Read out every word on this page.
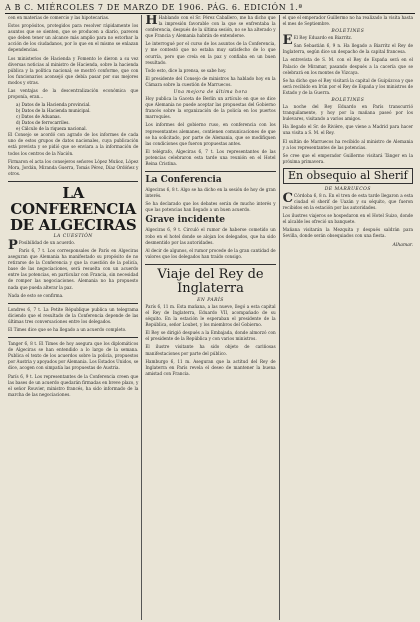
A B C. MIÉRCOLES 7 DE MARZO DE 1906. PÁG. 6. EDICIÓN 1.ª

cen en materias de comercio y las hipotecarias.

Estos propósitos, protegidos para resolver rápidamente los asuntos que se sienten, que se producen a diario, parecen que deben tener un alcance más amplio para no estorbar la acción de los ciudadanos, por lo que en el mismo se enlazan dependencias.

Los ministerios de Hacienda y Fomento le dieron a su vez diversas noticias al ministro de Hacienda, sobre la hacienda pública y la política nacional; se mostró conforme, que con los funcionarios aconsejó que debía pasar por sus mejores modos y otras.

Las ventajas de la descentralización económica que proponía, eran...

a) Datos de la Hacienda provincial.
b) Datos de la Hacienda municipal.
c) Datos de Aduanas.
d) Datos de ferrocarriles.
e) Cálculo de la riqueza nacional.

El Consejo se acordó con agrado de los informes de cada uno de estos grupos de datos nacionales, cuya publicación está prevista y se pidió que se enviara a la información de todos los centros de la Nación.

Firmaron el acta los consejeros señores López Muñoz, López Mora, Jordán, Miranda Guerra, Tomás Pérez, Díaz Ordóñez y otros.

LA CONFERENCIA DE ALGECIRAS
LA CUESTIÓN

P Posibilidad de un acuerdo.

París 6, 7 t. Los corresponsales de París en Algeciras aseguran que Alemania ha manifestado su propósito de no retirarse de la Conferencia y que la cuestión de la policía, base de las negociaciones, será resuelta con un acuerdo entre las potencias, en particular con Francia, sin necesidad de romper las negociaciones. Alemania no ha propuesto nada que pueda alterar la paz.

Nada de esto se confirma.

Londres 6, 7 t. La Petite République publica un telegrama diciendo que el resultado de la Conferencia depende de las últimas tres conversaciones entre los delegados.

El Times dice que se ha llegado a un acuerdo completo.

Tanger 6, 8 t. El Times de hoy asegura que los diplomáticos de Algeciras se han entendido a lo largo de la semana. Publica el texto de los acuerdos sobre la policía, propuestos por Austria y apoyados por Alemania. Los Estados Unidos, se dice, acogen con simpatía las propuestas de Austria.

París 6, 9 t. Los representantes de la Conferencia creen que las bases de un acuerdo quedarán firmadas en breve plazo, y el señor Rouvier, ministro francés, ha sido informado de la marcha de las negociaciones.

H Hablando con el Sr. Pérez Caballero, me ha dicho que la impresión favorable con la que se enfrentaba la conferencia, después de la última sesión, no se ha alterado y que Francia y Alemania habrán de entenderse.

Le interrogué por el curso de los asuntos de la Conferencia, y me contestó que no estaba muy satisfecho de lo que ocurría, pero que creía en la paz y confiaba en un buen resultado.

Todo esto, dice la prensa, se sabe hoy.

El presidente del Consejo de ministros ha hablado hoy en la Cámara sobre la cuestión de Marruecos.

Una mejora de última hora

Hoy publica la Gaceta de Berlín un artículo en que se dice que Alemania no puede aceptar las propuestas del Gobierno francés sobre la organización de la policía en los puertos marroquíes.

Los informes del gobierno ruso, en conferencia con los representantes alemanes, contienen comunicaciones de que se ha solicitado, por parte de Alemania, que se modifiquen las condiciones que fueron propuestas antes.

El telégrafo, Algeciras 6, 7 t. Los representantes de las potencias celebraron esta tarde una reunión en el Hotel Reina Cristina.

La Conferencia

Algeciras 6, 8 t. Algo se ha dicho en la sesión de hoy de gran interés.

Se ha declarado que los debates serán de mucho interés y que las potencias han llegado a un buen acuerdo.

Grave incidente

Algeciras 6, 9 t. Circuló el rumor de haberse cometido un robo en el hotel donde se alojan los delegados, que ha sido desmentido por las autoridades.

Al decir de algunos, el rumor procede de la gran cantidad de valores que los delegados han traído consigo.

Viaje del Rey de Inglaterra
EN PARÍS

París 6, 11 m. Esta mañana, a las nueve, llegó a esta capital el Rey de Inglaterra, Eduardo VII, acompañado de su séquito. En la estación le esperaban el presidente de la República, señor Loubet, y los miembros del Gobierno.

El Rey se dirigió después a la Embajada, donde almorzó con el presidente de la República y con varios ministros.

El ilustre visitante ha sido objeto de cariñosas manifestaciones por parte del público.

Hamburgo 6, 11 m. Aseguran que la actitud del Rey de Inglaterra en París revela el deseo de mantener la buena amistad con Francia.

el que el emperador Guillermo no ha realizado la visita hasta el mes de Septiembre.

BOLETINES

E El Rey Eduardo en Biarritz.

San Sebastián 6, 9 n. Ha llegado a Biarritz el Rey de Inglaterra, según dice un despacho de la capital francesa.

La entrevista de S. M. con el Rey de España será en el Palacio de Miramar, pasando después a la cacería que se celebrará en los montes de Vizcaya.

Se ha dicho que el Rey visitará la capital de Guipúzcoa y que será recibido en Irún por el Rey de España y los ministros de Estado y de la Guerra.

BOLETINES

La noche del Rey Eduardo en París transcurrió tranquilamente, y hoy por la mañana paseó por los bulevares, visitando a varios amigos.

Ha llegado el Sr. de Rivière, que viene a Madrid para hacer una visita a S. M. el Rey.

El sultán de Marruecos ha recibido al ministro de Alemania y a los representantes de las potencias.

Se cree que el emperador Guillermo visitará Tánger en la próxima primavera.

En obsequio al Sherif
DE MARRUECOS

C Córdoba 6, 8 n. En el tren de esta tarde llegaron a esta ciudad el sherif de Uazán y su séquito, que fueron recibidos en la estación por las autoridades.

Los ilustres viajeros se hospedaron en el Hotel Suizo, donde el alcalde les ofreció un banquete.

Mañana visitarán la Mezquita y después saldrán para Sevilla, donde serán obsequiados con una fiesta.

Alhamar.
